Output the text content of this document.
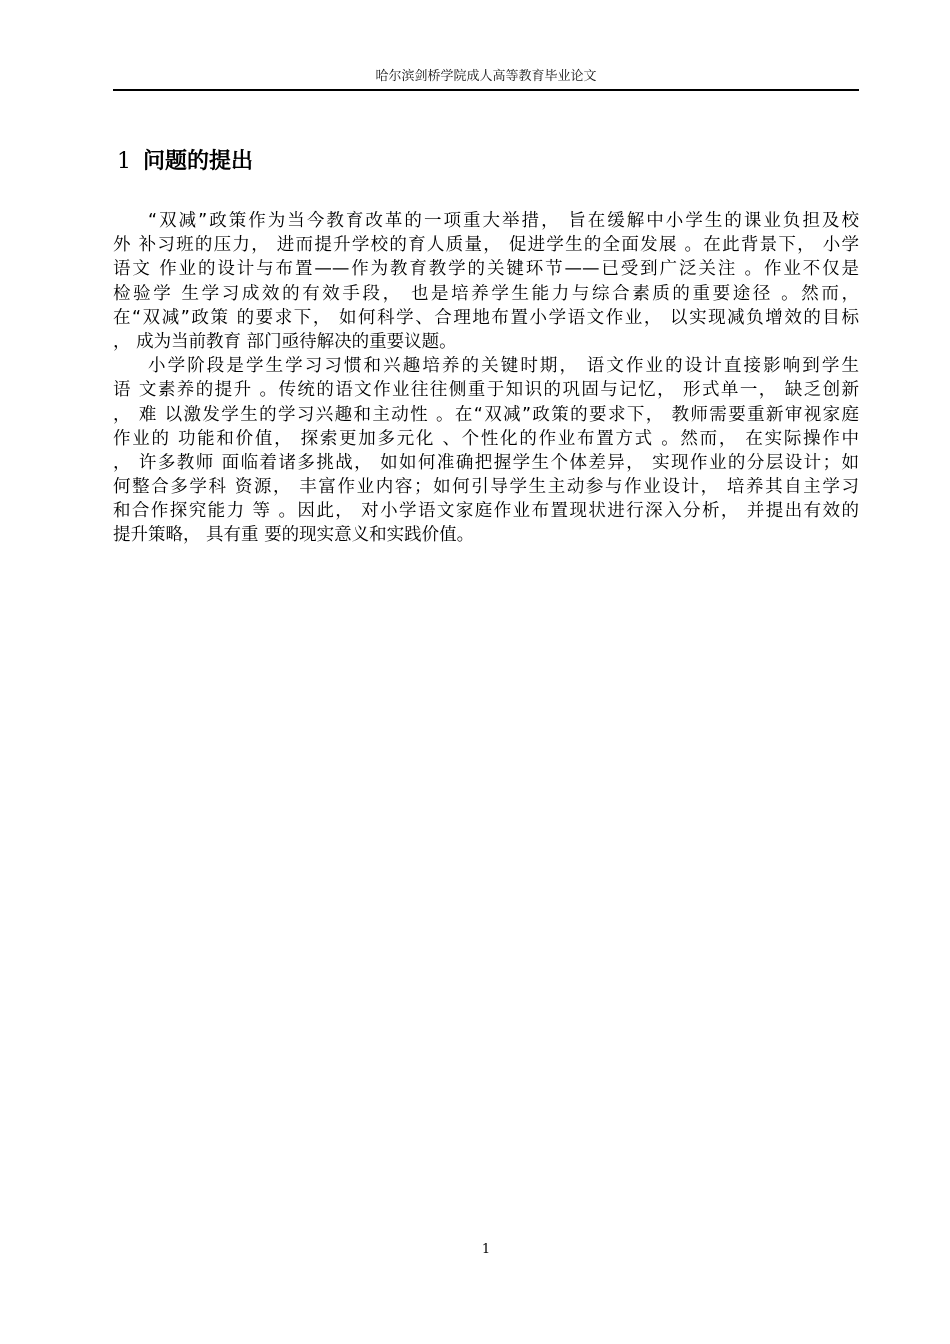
哈尔滨剑桥学院成人高等教育毕业论文
1 问题的提出
“双减”政策作为当今教育改革的一项重大举措， 旨在缓解中小学生的课业负担及校
外 补习班的压力， 进而提升学校的育人质量， 促进学生的全面发展 。在此背景下， 小学
语文 作业的设计与布置——作为教育教学的关键环节——已受到广泛关注 。作业不仅是
检验学 生学习成效的有效手段， 也是培养学生能力与综合素质的重要途径 。然而，
在“双减”政策 的要求下， 如何科学、合理地布置小学语文作业， 以实现减负增效的目标
， 成为当前教育 部门亟待解决的重要议题。
小学阶段是学生学习习惯和兴趣培养的关键时期， 语文作业的设计直接影响到学生
语 文素养的提升 。传统的语文作业往往侧重于知识的巩固与记忆， 形式单一， 缺乏创新
， 难 以激发学生的学习兴趣和主动性 。在“双减”政策的要求下， 教师需要重新审视家庭
作业的 功能和价值， 探索更加多元化 、个性化的作业布置方式 。然而， 在实际操作中
， 许多教师 面临着诸多挑战， 如如何准确把握学生个体差异， 实现作业的分层设计；如
何整合多学科 资源， 丰富作业内容；如何引导学生主动参与作业设计， 培养其自主学习
和合作探究能力 等 。因此， 对小学语文家庭作业布置现状进行深入分析， 并提出有效的
提升策略， 具有重 要的现实意义和实践价值。
1
